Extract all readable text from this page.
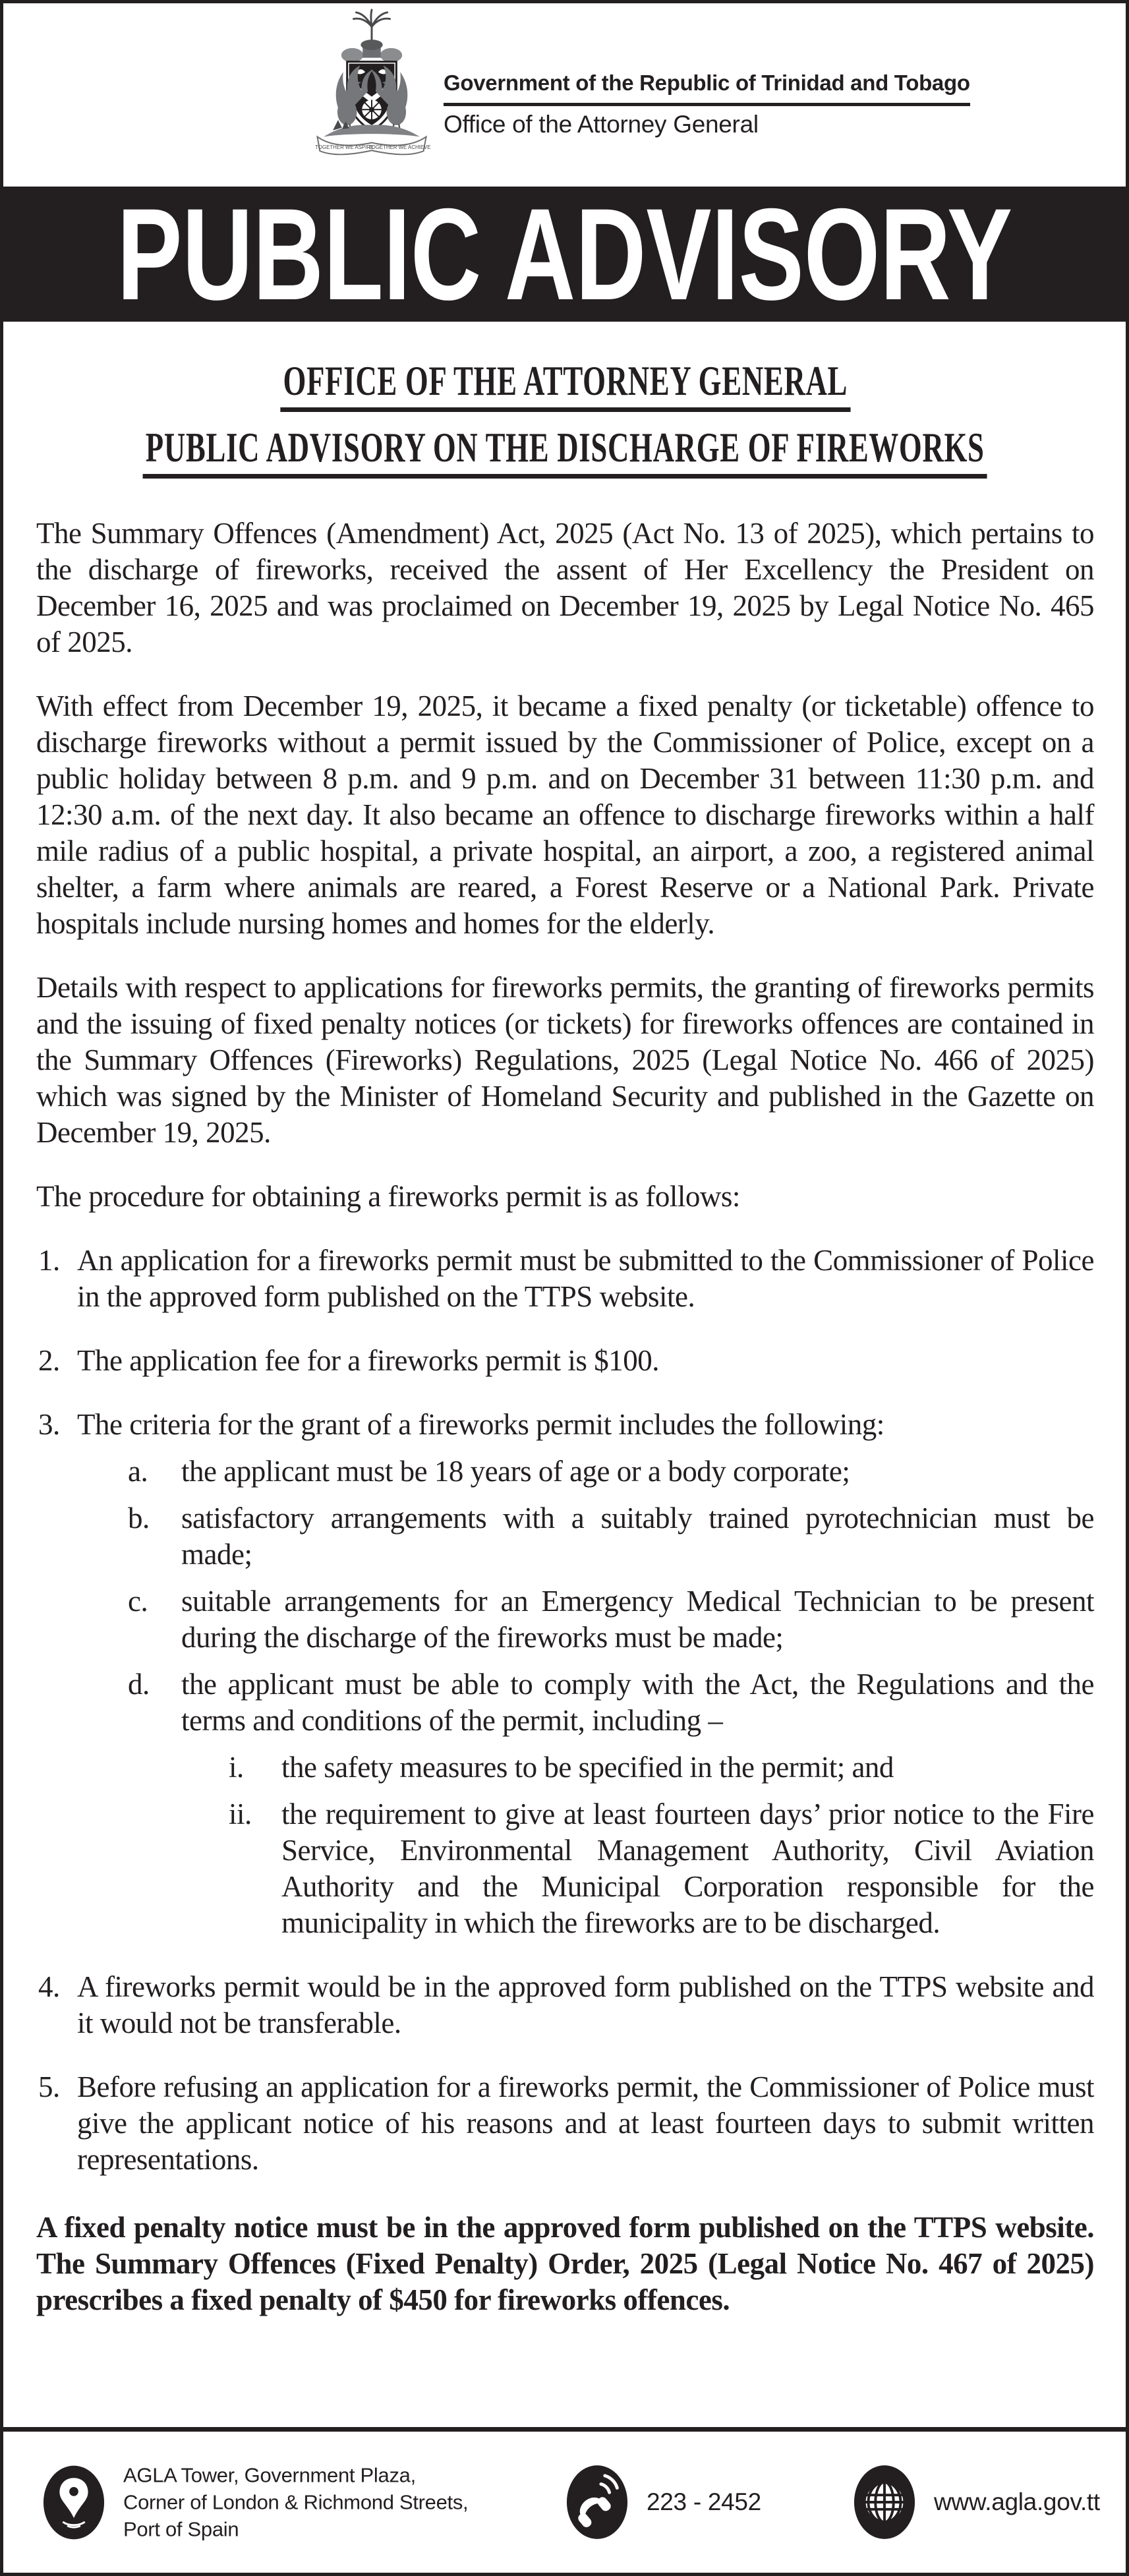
TOGETHER WE ASPIRE
TOGETHER WE ACHIEVE
Government of the Republic of Trinidad and Tobago
Office of the Attorney General
PUBLIC ADVISORY
OFFICE OF THE ATTORNEY GENERAL
PUBLIC ADVISORY ON THE DISCHARGE OF FIREWORKS

The Summary Offences (Amendment) Act, 2025 (Act No. 13 of 2025), which pertains to the discharge of fireworks, received the assent of Her Excellency the President on December 16, 2025 and was proclaimed on December 19, 2025 by Legal Notice No. 465 of 2025.

With effect from December 19, 2025, it became a fixed penalty (or ticketable) offence to discharge fireworks without a permit issued by the Commissioner of Police, except on a public holiday between 8 p.m. and 9 p.m. and on December 31 between 11:30 p.m. and 12:30 a.m. of the next day. It also became an offence to discharge fireworks within a half mile radius of a public hospital, a private hospital, an airport, a zoo, a registered animal shelter, a farm where animals are reared, a Forest Reserve or a National Park. Private hospitals include nursing homes and homes for the elderly.

Details with respect to applications for fireworks permits, the granting of fireworks permits and the issuing of fixed penalty notices (or tickets) for fireworks offences are contained in the Summary Offences (Fireworks) Regulations, 2025 (Legal Notice No. 466 of 2025) which was signed by the Minister of Homeland Security and published in the Gazette on December 19, 2025.

The procedure for obtaining a fireworks permit is as follows:

1. An application for a fireworks permit must be submitted to the Commissioner of Police in the approved form published on the TTPS website.
2. The application fee for a fireworks permit is $100.
3. The criteria for the grant of a fireworks permit includes the following:
a.	the applicant must be 18 years of age or a body corporate;
b.	satisfactory arrangements with a suitably trained pyrotechnician must be made;
c.	suitable arrangements for an Emergency Medical Technician to be present during the discharge of the fireworks must be made;
d.	the applicant must be able to comply with the Act, the Regulations and the terms and conditions of the permit, including –
i.	the safety measures to be specified in the permit; and
ii.	the requirement to give at least fourteen days’ prior notice to the Fire Service, Environmental Management Authority, Civil Aviation Authority and the Municipal Corporation responsible for the municipality in which the fireworks are to be discharged.
4. A fireworks permit would be in the approved form published on the TTPS website and it would not be transferable.
5. Before refusing an application for a fireworks permit, the Commissioner of Police must give the applicant notice of his reasons and at least fourteen days to submit written representations.

A fixed penalty notice must be in the approved form published on the TTPS website. The Summary Offences (Fixed Penalty) Order, 2025 (Legal Notice No. 467 of 2025) prescribes a fixed penalty of $450 for fireworks offences.

AGLA Tower, Government Plaza,
Corner of London & Richmond Streets,
Port of Spain
223 - 2452	www.agla.gov.tt
